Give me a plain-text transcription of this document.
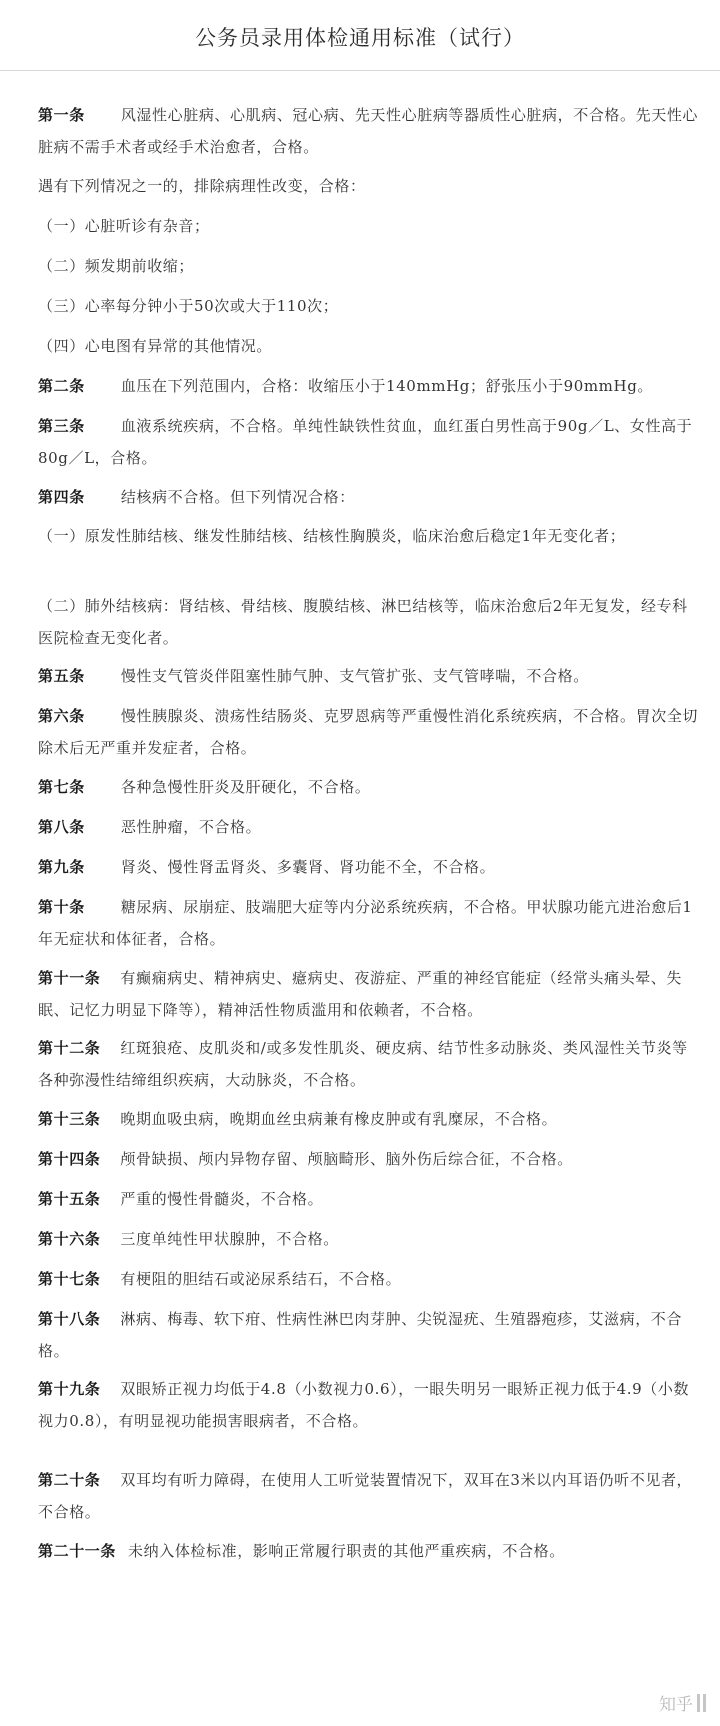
公务员录用体检通用标准（试行）

第一条 风湿性心脏病、心肌病、冠心病、先天性心脏病等器质性心脏病，不合格。先天性心脏病不需手术者或经手术治愈者，合格。

遇有下列情况之一的，排除病理性改变，合格：

（一）心脏听诊有杂音；

（二）频发期前收缩；

（三）心率每分钟小于50次或大于110次；

（四）心电图有异常的其他情况。

第二条 血压在下列范围内，合格：收缩压小于140mmHg；舒张压小于90mmHg。

第三条 血液系统疾病，不合格。单纯性缺铁性贫血，血红蛋白男性高于90g／L、女性高于80g／L，合格。

第四条 结核病不合格。但下列情况合格：

（一）原发性肺结核、继发性肺结核、结核性胸膜炎，临床治愈后稳定1年无变化者；

（二）肺外结核病：肾结核、骨结核、腹膜结核、淋巴结核等，临床治愈后2年无复发，经专科医院检查无变化者。

第五条 慢性支气管炎伴阻塞性肺气肿、支气管扩张、支气管哮喘，不合格。

第六条 慢性胰腺炎、溃疡性结肠炎、克罗恩病等严重慢性消化系统疾病，不合格。胃次全切除术后无严重并发症者，合格。

第七条 各种急慢性肝炎及肝硬化，不合格。

第八条 恶性肿瘤，不合格。

第九条 肾炎、慢性肾盂肾炎、多囊肾、肾功能不全，不合格。

第十条 糖尿病、尿崩症、肢端肥大症等内分泌系统疾病，不合格。甲状腺功能亢进治愈后1年无症状和体征者，合格。

第十一条 有癫痫病史、精神病史、癔病史、夜游症、严重的神经官能症（经常头痛头晕、失眠、记忆力明显下降等），精神活性物质滥用和依赖者，不合格。

第十二条 红斑狼疮、皮肌炎和/或多发性肌炎、硬皮病、结节性多动脉炎、类风湿性关节炎等各种弥漫性结缔组织疾病，大动脉炎，不合格。

第十三条 晚期血吸虫病，晚期血丝虫病兼有橡皮肿或有乳糜尿，不合格。

第十四条 颅骨缺损、颅内异物存留、颅脑畸形、脑外伤后综合征，不合格。

第十五条 严重的慢性骨髓炎，不合格。

第十六条 三度单纯性甲状腺肿，不合格。

第十七条 有梗阻的胆结石或泌尿系结石，不合格。

第十八条 淋病、梅毒、软下疳、性病性淋巴肉芽肿、尖锐湿疣、生殖器疱疹，艾滋病，不合格。

第十九条 双眼矫正视力均低于4.8（小数视力0.6），一眼失明另一眼矫正视力低于4.9（小数视力0.8），有明显视功能损害眼病者，不合格。

第二十条 双耳均有听力障碍，在使用人工听觉装置情况下，双耳在3米以内耳语仍听不见者，不合格。

第二十一条 未纳入体检标准，影响正常履行职责的其他严重疾病，不合格。

知乎
